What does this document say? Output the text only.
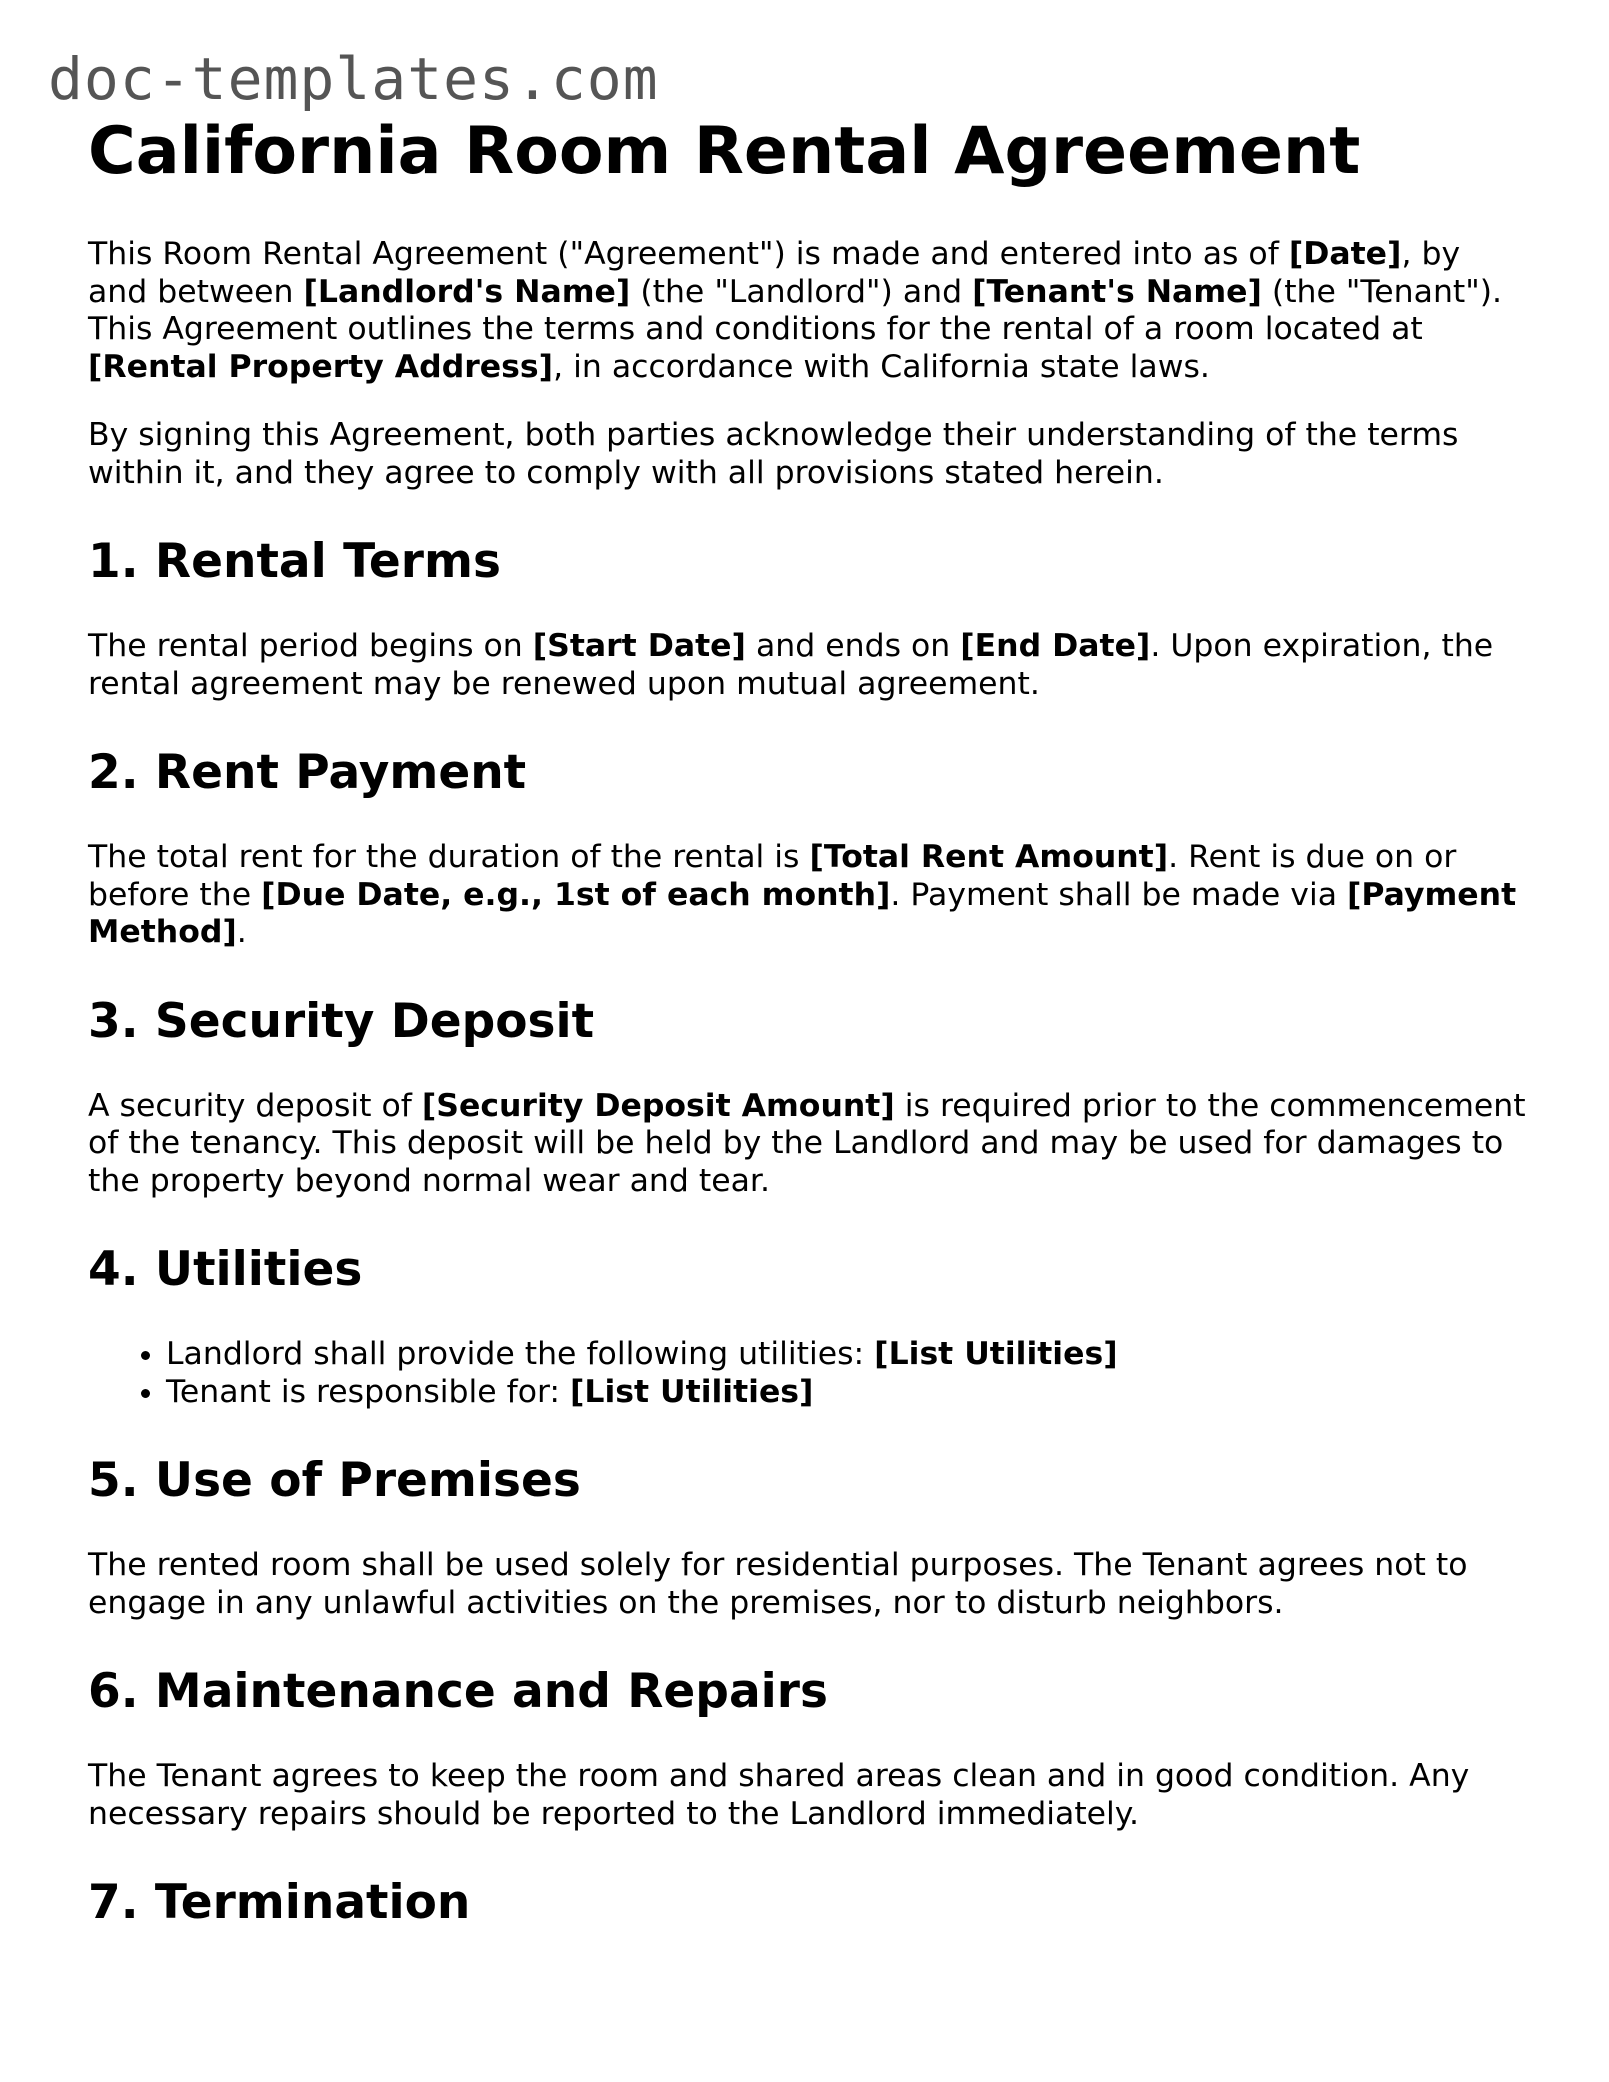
doc-templates.com
California Room Rental Agreement

This Room Rental Agreement ("Agreement") is made and entered into as of [Date], by and between [Landlord's Name] (the "Landlord") and [Tenant's Name] (the "Tenant"). This Agreement outlines the terms and conditions for the rental of a room located at [Rental Property Address], in accordance with California state laws.

By signing this Agreement, both parties acknowledge their understanding of the terms within it, and they agree to comply with all provisions stated herein.

1. Rental Terms

The rental period begins on [Start Date] and ends on [End Date]. Upon expiration, the rental agreement may be renewed upon mutual agreement.

2. Rent Payment

The total rent for the duration of the rental is [Total Rent Amount]. Rent is due on or before the [Due Date, e.g., 1st of each month]. Payment shall be made via [Payment Method].

3. Security Deposit

A security deposit of [Security Deposit Amount] is required prior to the commencement of the tenancy. This deposit will be held by the Landlord and may be used for damages to the property beyond normal wear and tear.

4. Utilities
• Landlord shall provide the following utilities: [List Utilities]
• Tenant is responsible for: [List Utilities]
5. Use of Premises

The rented room shall be used solely for residential purposes. The Tenant agrees not to engage in any unlawful activities on the premises, nor to disturb neighbors.

6. Maintenance and Repairs

The Tenant agrees to keep the room and shared areas clean and in good condition. Any necessary repairs should be reported to the Landlord immediately.

7. Termination
